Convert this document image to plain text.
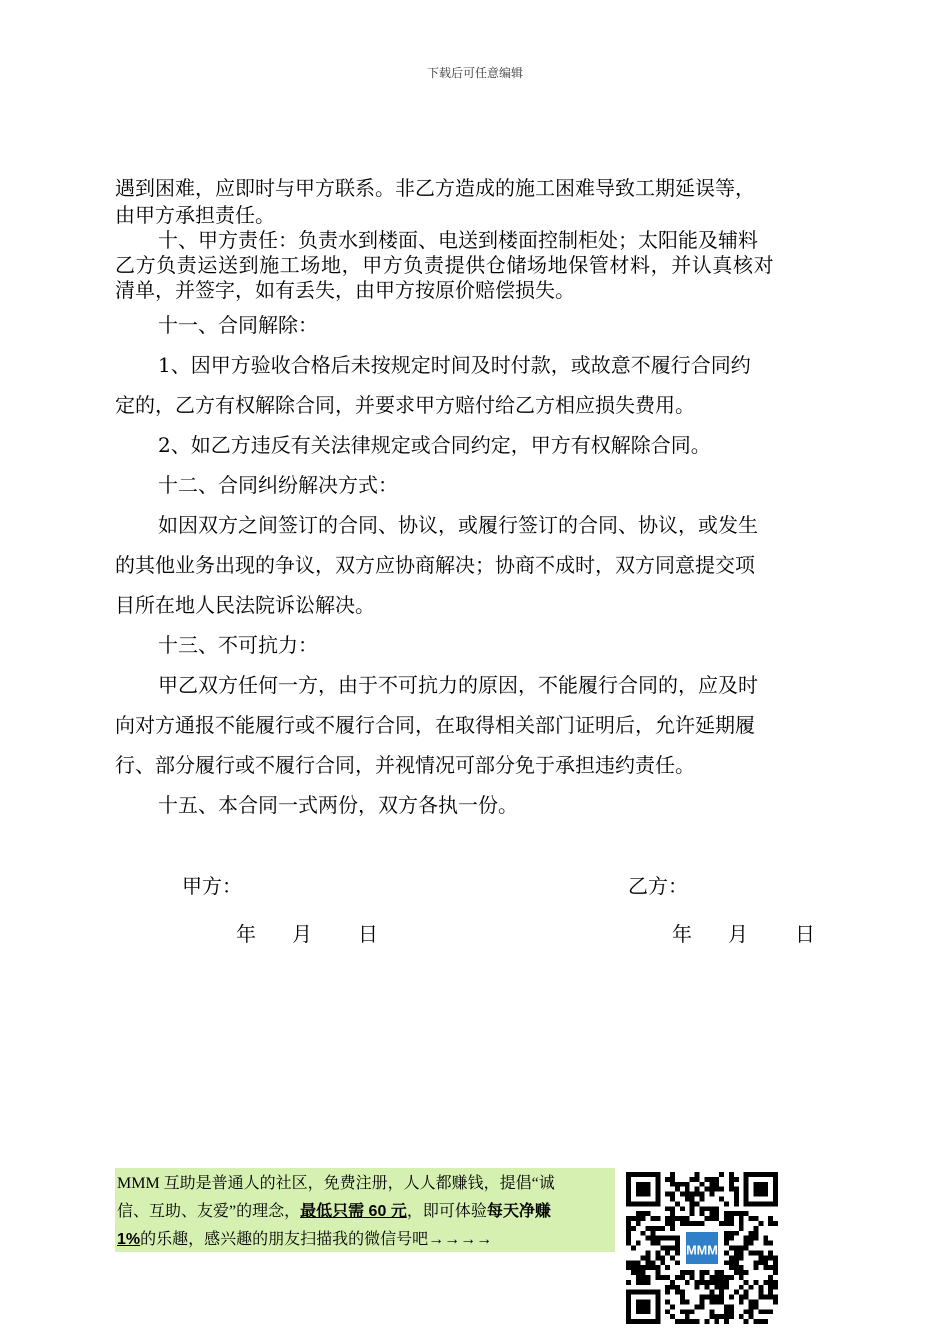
下载后可任意编辑
遇到困难，应即时与甲方联系。非乙方造成的施工困难导致工期延误等，
由甲方承担责任。
十、甲方责任：负责水到楼面、电送到楼面控制柜处；太阳能及辅料
乙方负责运送到施工场地，甲方负责提供仓储场地保管材料，并认真核对
清单，并签字，如有丢失，由甲方按原价赔偿损失。
十一、合同解除：
1、因甲方验收合格后未按规定时间及时付款，或故意不履行合同约
定的，乙方有权解除合同，并要求甲方赔付给乙方相应损失费用。
2、如乙方违反有关法律规定或合同约定，甲方有权解除合同。
十二、合同纠纷解决方式：
如因双方之间签订的合同、协议，或履行签订的合同、协议，或发生
的其他业务出现的争议，双方应协商解决；协商不成时，双方同意提交项
目所在地人民法院诉讼解决。
十三、不可抗力：
甲乙双方任何一方，由于不可抗力的原因，不能履行合同的，应及时
向对方通报不能履行或不履行合同，在取得相关部门证明后，允许延期履
行、部分履行或不履行合同，并视情况可部分免于承担违约责任。
十五、本合同一式两份，双方各执一份。
甲方：	乙方：
年 月 日	年 月 日
MMM 互助是普通人的社区，免费注册，人人都赚钱，提倡“诚
信、互助、友爱”的理念，最低只需 60 元，即可体验每天净赚
1%的乐趣，感兴趣的朋友扫描我的微信号吧→→→→
MMM
